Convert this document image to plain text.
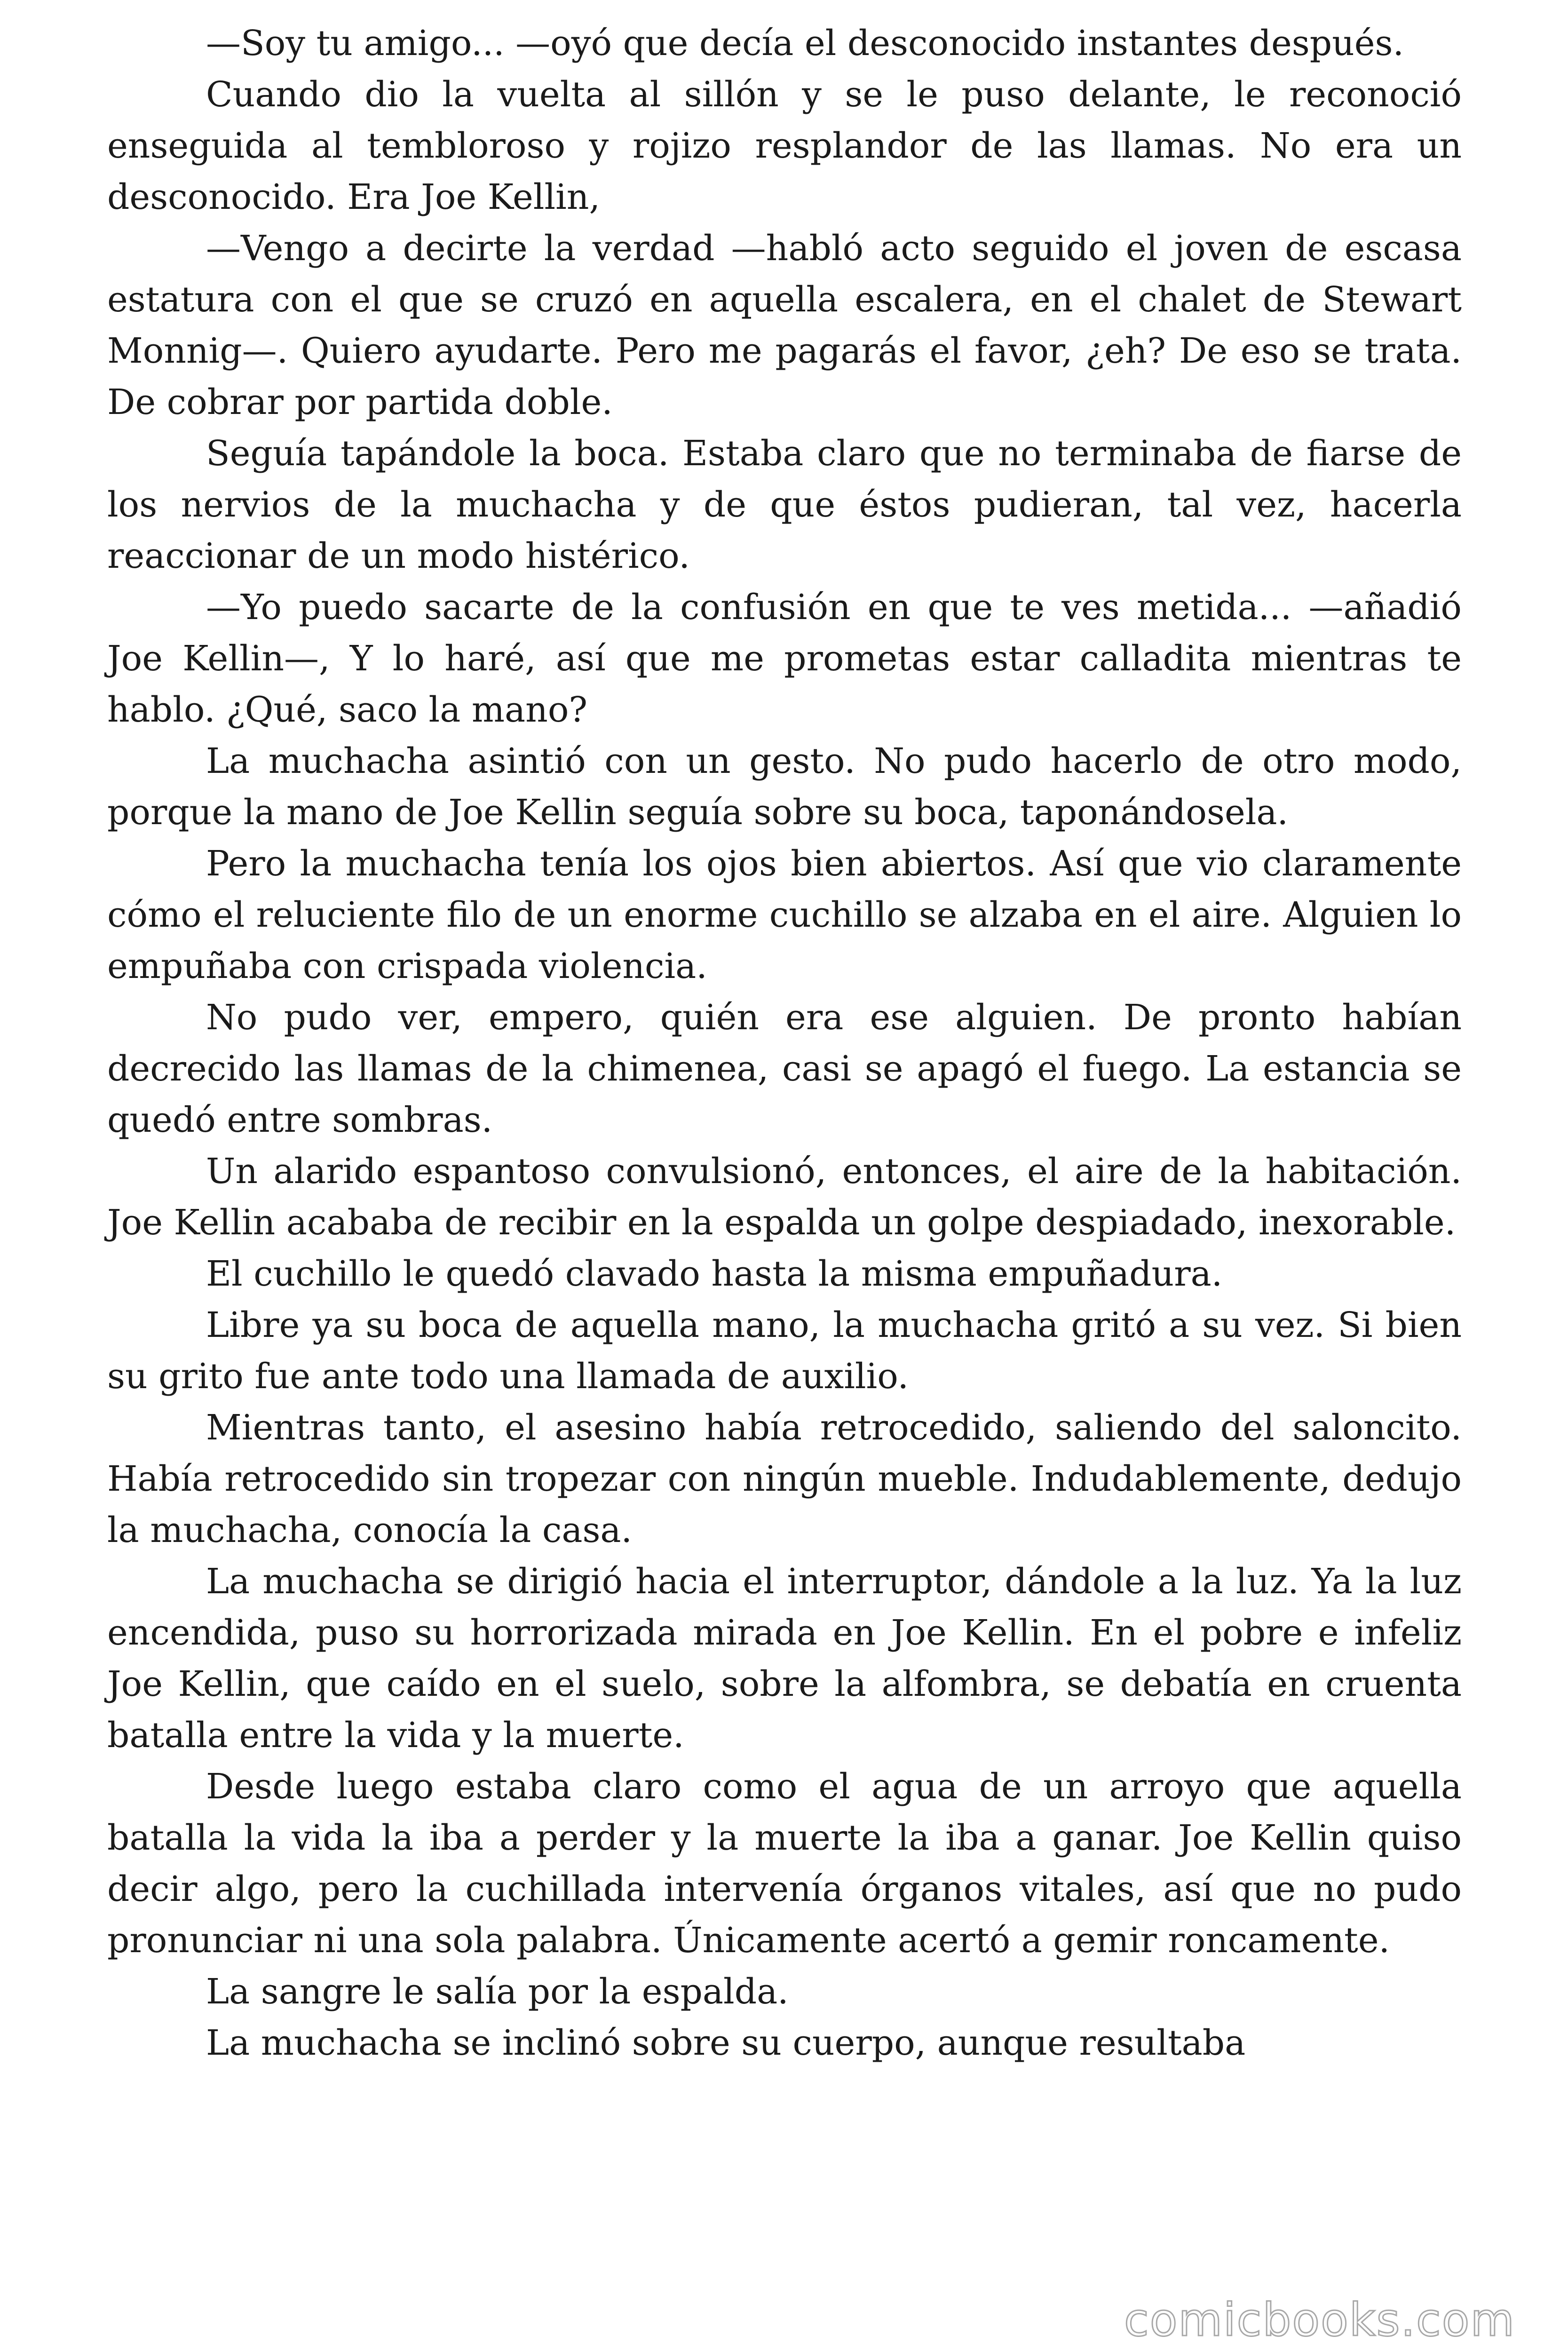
—Soy tu amigo... —oyó que decía el desconocido instantes después.

Cuando dio la vuelta al sillón y se le puso delante, le reconoció enseguida al tembloroso y rojizo resplandor de las llamas. No era un desconocido. Era Joe Kellin,

—Vengo a decirte la verdad —habló acto seguido el joven de escasa estatura con el que se cruzó en aquella escalera, en el chalet de Stewart Monnig—. Quiero ayudarte. Pero me pagarás el favor, ¿eh? De eso se trata. De cobrar por partida doble.

Seguía tapándole la boca. Estaba claro que no terminaba de fiarse de los nervios de la muchacha y de que éstos pudieran, tal vez, hacerla reaccionar de un modo histérico.

—Yo puedo sacarte de la confusión en que te ves metida... —añadió Joe Kellin—, Y lo haré, así que me prometas estar calladita mientras te hablo. ¿Qué, saco la mano?

La muchacha asintió con un gesto. No pudo hacerlo de otro modo, porque la mano de Joe Kellin seguía sobre su boca, taponándosela.

Pero la muchacha tenía los ojos bien abiertos. Así que vio claramente cómo el reluciente filo de un enorme cuchillo se alzaba en el aire. Alguien lo empuñaba con crispada violencia.

No pudo ver, empero, quién era ese alguien. De pronto habían decrecido las llamas de la chimenea, casi se apagó el fuego. La estancia se quedó entre sombras.

Un alarido espantoso convulsionó, entonces, el aire de la habitación. Joe Kellin acababa de recibir en la espalda un golpe despiadado, inexorable.

El cuchillo le quedó clavado hasta la misma empuñadura.

Libre ya su boca de aquella mano, la muchacha gritó a su vez. Si bien su grito fue ante todo una llamada de auxilio.

Mientras tanto, el asesino había retrocedido, saliendo del saloncito. Había retrocedido sin tropezar con ningún mueble. Indudablemente, dedujo la muchacha, conocía la casa.

La muchacha se dirigió hacia el interruptor, dándole a la luz. Ya la luz encendida, puso su horrorizada mirada en Joe Kellin. En el pobre e infeliz Joe Kellin, que caído en el suelo, sobre la alfombra, se debatía en cruenta batalla entre la vida y la muerte.

Desde luego estaba claro como el agua de un arroyo que aquella batalla la vida la iba a perder y la muerte la iba a ganar. Joe Kellin quiso decir algo, pero la cuchillada intervenía órganos vitales, así que no pudo pronunciar ni una sola palabra. Únicamente acertó a gemir roncamente.

La sangre le salía por la espalda.

La muchacha se inclinó sobre su cuerpo, aunque resultaba

comicbooks.com
